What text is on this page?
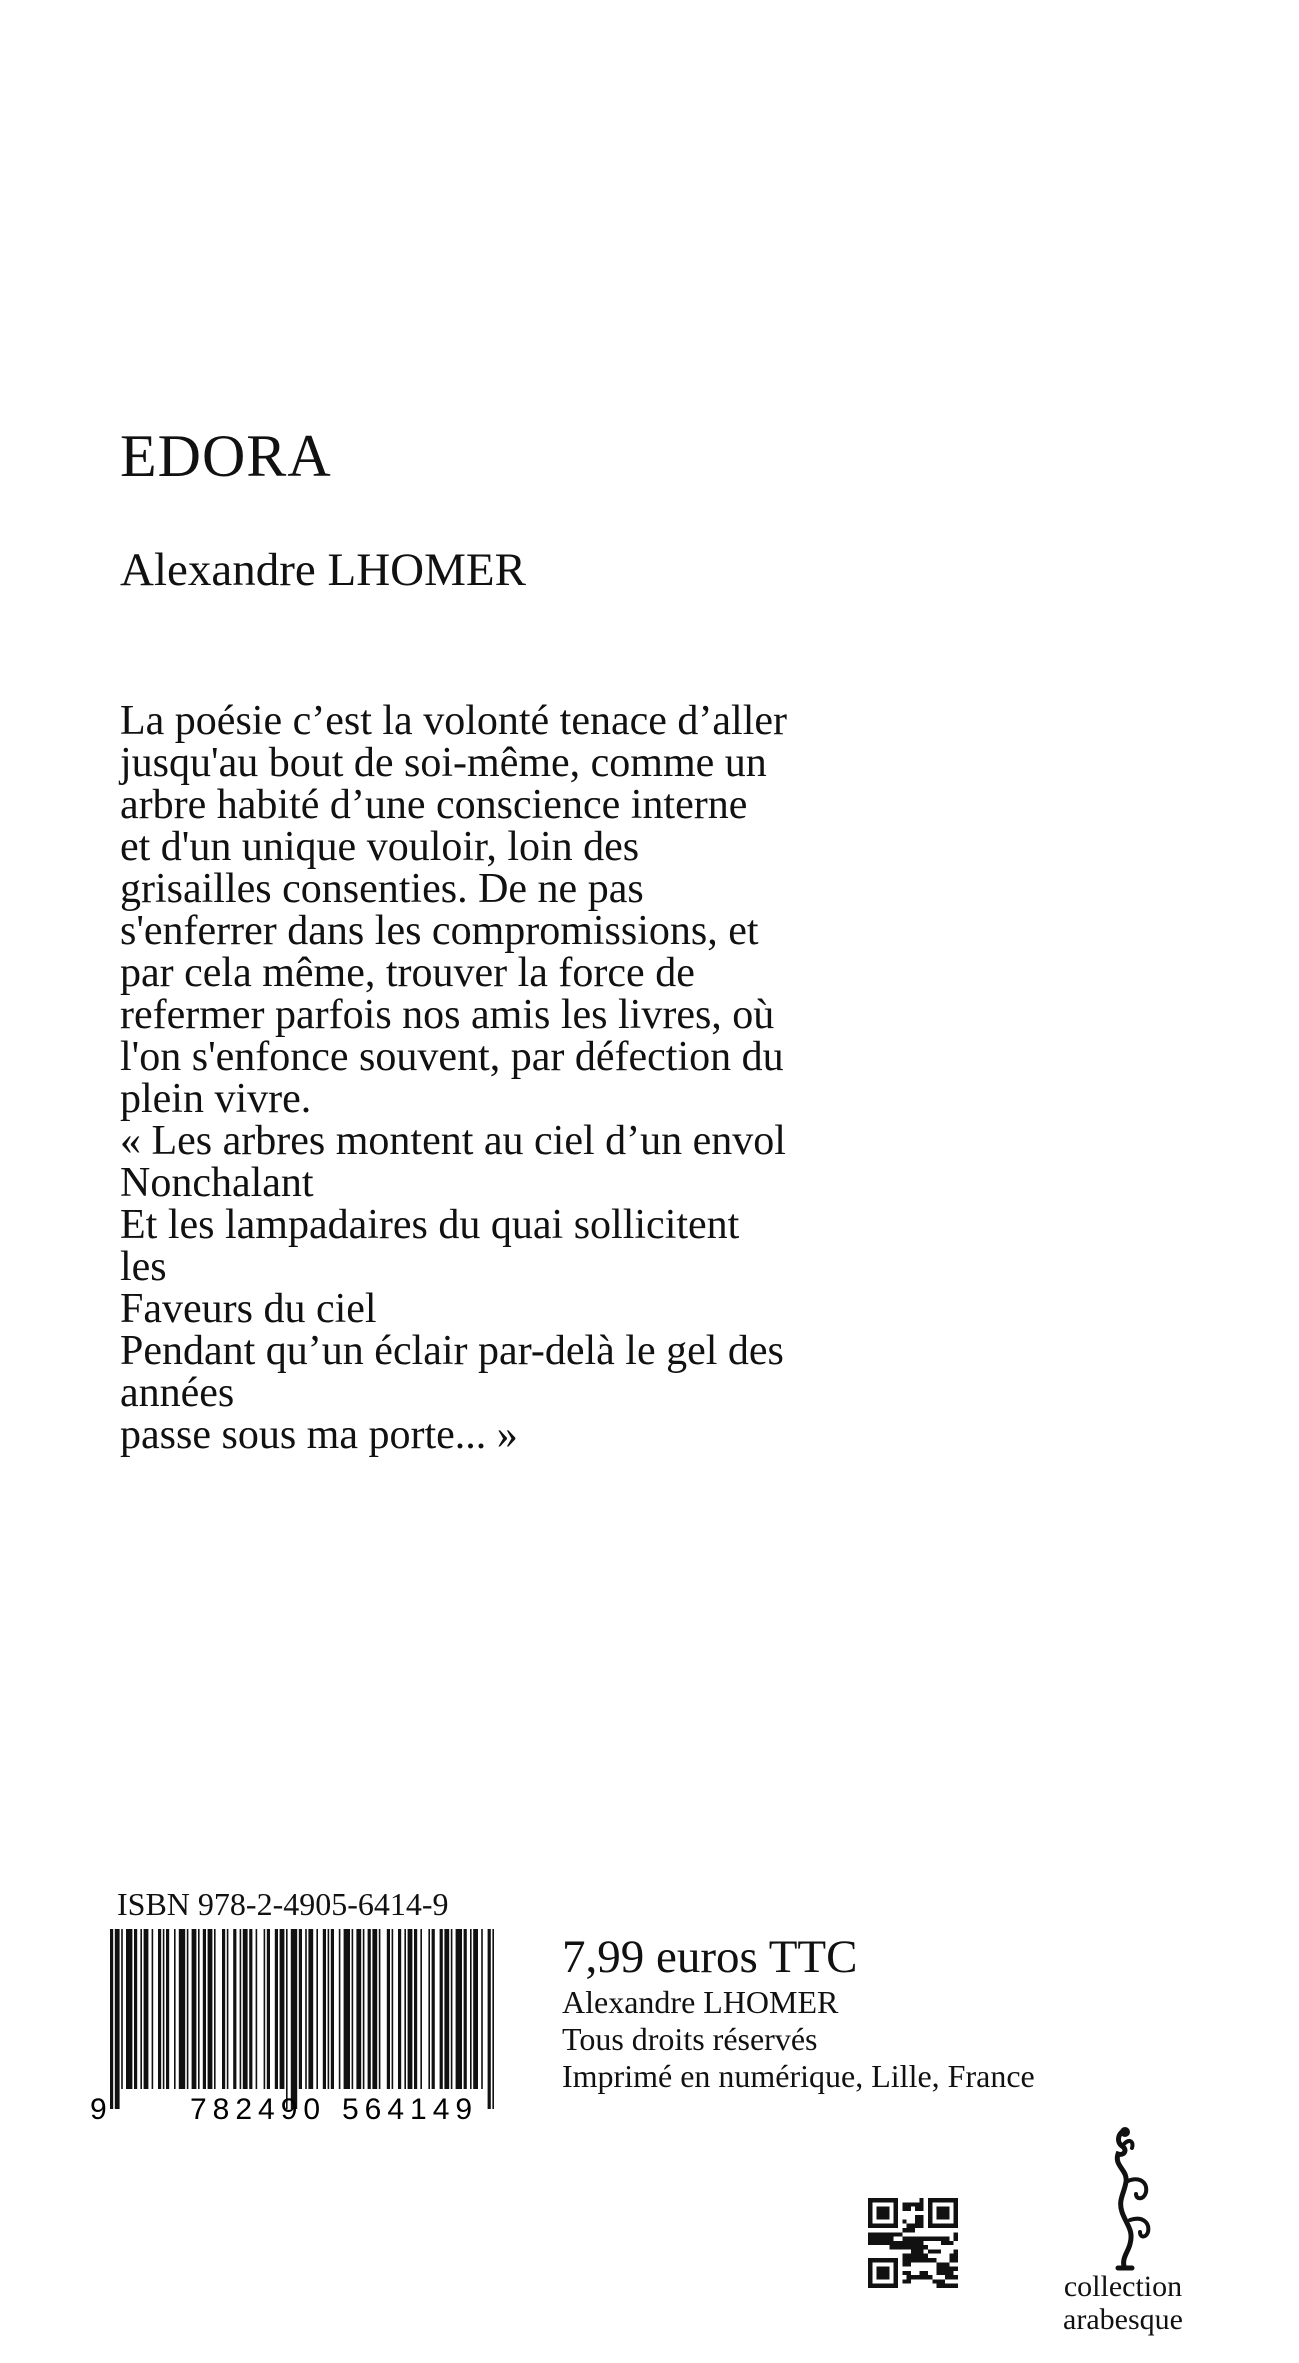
EDORA
Alexandre LHOMER
La poésie c’est la volonté tenace d’aller
jusqu'au bout de soi-même, comme un
arbre habité d’une conscience interne
et d'un unique vouloir, loin des
grisailles consenties. De ne pas
s'enferrer dans les compromissions, et
par cela même, trouver la force de
refermer parfois nos amis les livres, où
l'on s'enfonce souvent, par défection du
plein vivre.
« Les arbres montent au ciel d’un envol
Nonchalant
Et les lampadaires du quai sollicitent
les
Faveurs du ciel
Pendant qu’un éclair par-delà le gel des
années
passe sous ma porte... »
ISBN 978-2-4905-6414-9
9	782490 564149
7,99 euros TTC
Alexandre LHOMER
Tous droits réservés
Imprimé en numérique, Lille, France
collection
arabesque
